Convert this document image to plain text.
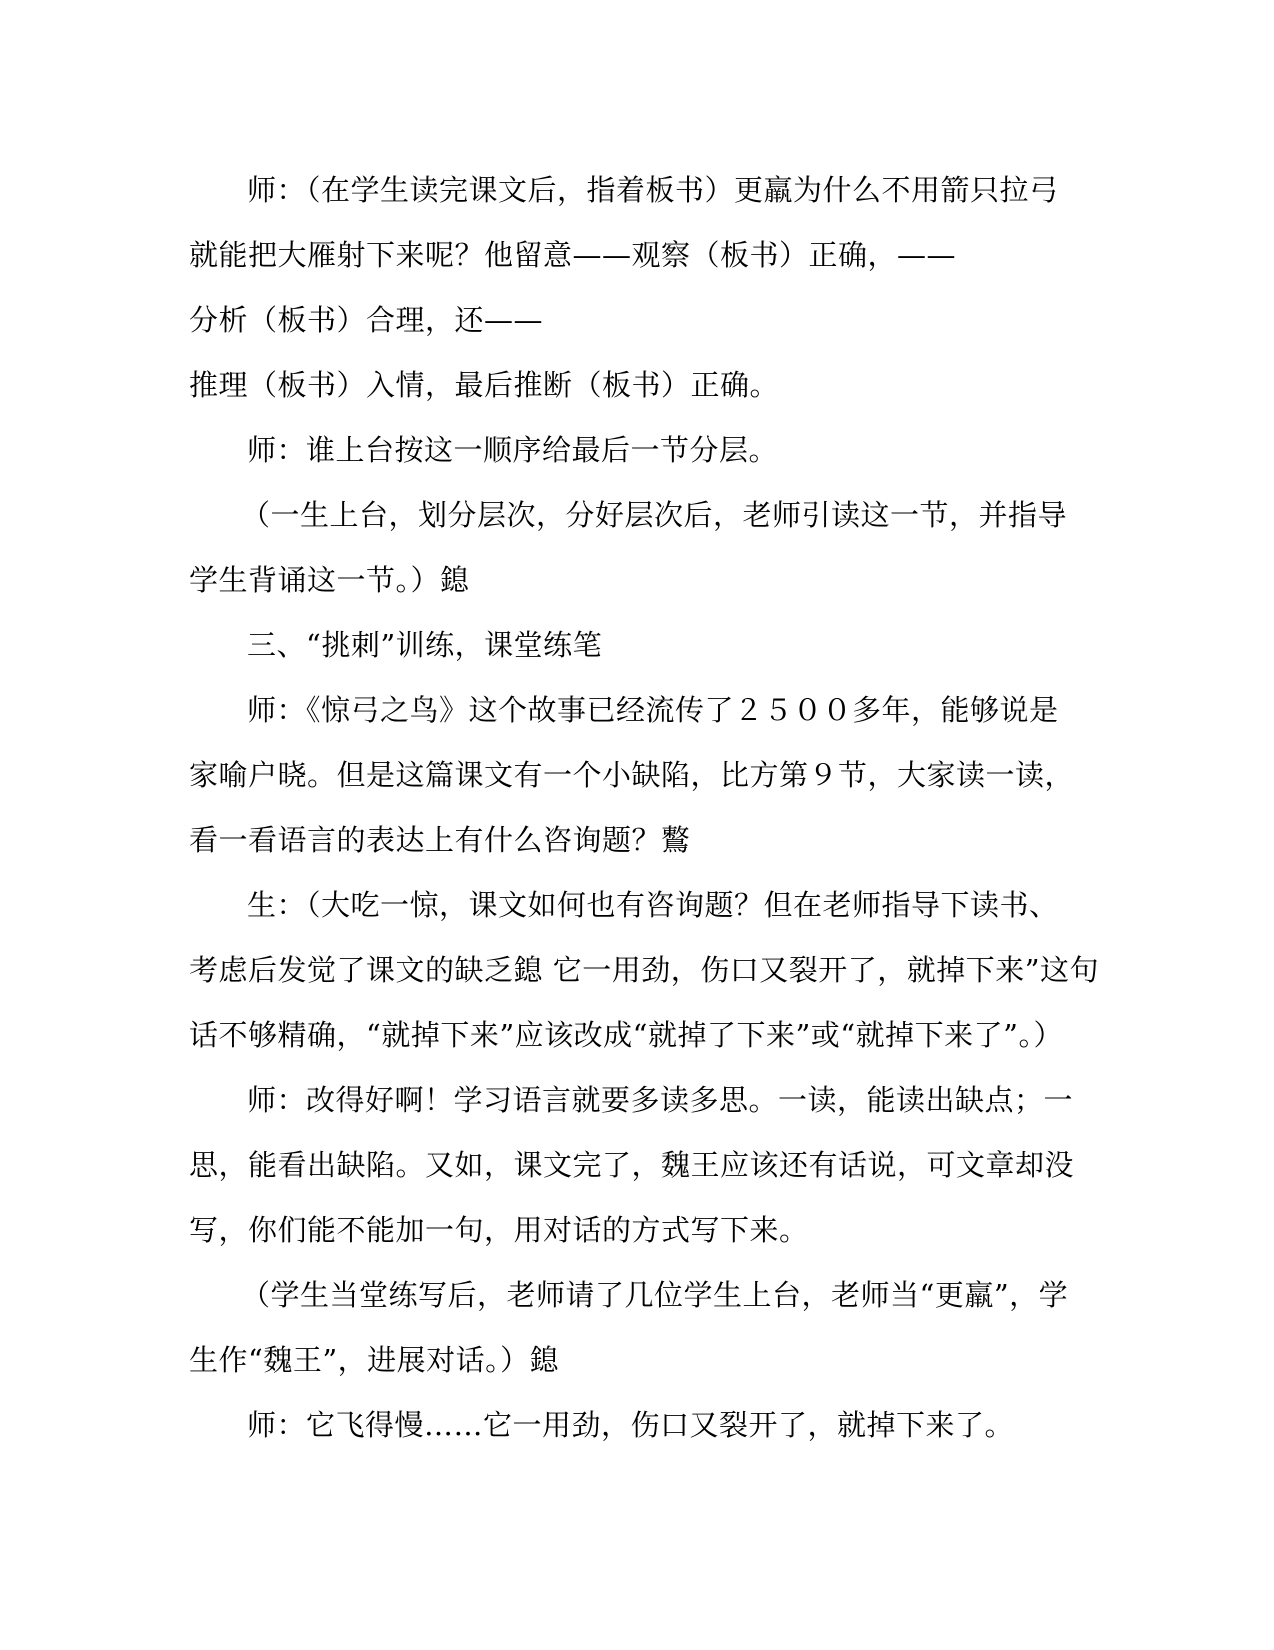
师：（在学生读完课文后，指着板书）更羸为什么不用箭只拉弓
就能把大雁射下来呢？他留意——观察（板书）正确，——
分析（板书）合理，还——
推理（板书）入情，最后推断（板书）正确。
师：谁上台按这一顺序给最后一节分层。
（一生上台，划分层次，分好层次后，老师引读这一节，并指导
学生背诵这一节。）鎴
三、“挑刺”训练，课堂练笔
师：《惊弓之鸟》这个故事已经流传了２５００多年，能够说是
家喻户晓。但是这篇课文有一个小缺陷，比方第９节，大家读一读，
看一看语言的表达上有什么咨询题？鷘
生：（大吃一惊，课文如何也有咨询题？但在老师指导下读书、
考虑后发觉了课文的缺乏鎴 它一用劲，伤口又裂开了，就掉下来”这句
话不够精确，“就掉下来”应该改成“就掉了下来”或“就掉下来了”。）
师：改得好啊！学习语言就要多读多思。一读，能读出缺点；一
思，能看出缺陷。又如，课文完了，魏王应该还有话说，可文章却没
写，你们能不能加一句，用对话的方式写下来。
（学生当堂练写后，老师请了几位学生上台，老师当“更羸”，学
生作“魏王”，进展对话。）鎴
师：它飞得慢……它一用劲，伤口又裂开了，就掉下来了。
